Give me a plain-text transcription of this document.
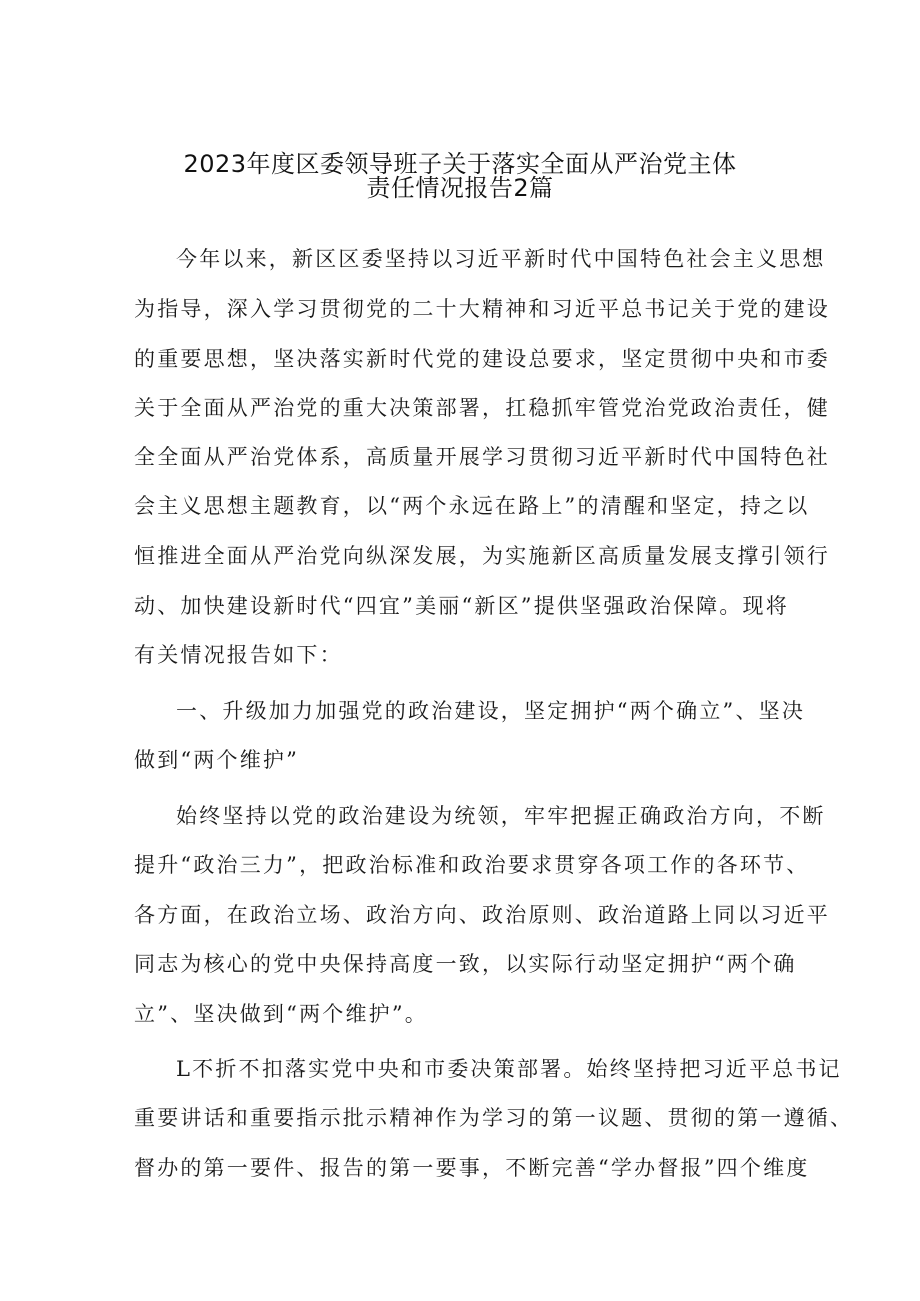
2023年度区委领导班子关于落实全面从严治党主体
责任情况报告2篇
今年以来，新区区委坚持以习近平新时代中国特色社会主义思想
为指导，深入学习贯彻党的二十大精神和习近平总书记关于党的建设
的重要思想，坚决落实新时代党的建设总要求，坚定贯彻中央和市委
关于全面从严治党的重大决策部署，扛稳抓牢管党治党政治责任，健
全全面从严治党体系，高质量开展学习贯彻习近平新时代中国特色社
会主义思想主题教育，以“两个永远在路上”的清醒和坚定，持之以
恒推进全面从严治党向纵深发展，为实施新区高质量发展支撑引领行
动、加快建设新时代“四宜”美丽“新区”提供坚强政治保障。现将
有关情况报告如下：
一、升级加力加强党的政治建设，坚定拥护“两个确立”、坚决
做到“两个维护”
始终坚持以党的政治建设为统领，牢牢把握正确政治方向，不断
提升“政治三力”，把政治标准和政治要求贯穿各项工作的各环节、
各方面，在政治立场、政治方向、政治原则、政治道路上同以习近平
同志为核心的党中央保持高度一致，以实际行动坚定拥护“两个确
立”、坚决做到“两个维护”。
L不折不扣落实党中央和市委决策部署。始终坚持把习近平总书记
重要讲话和重要指示批示精神作为学习的第一议题、贯彻的第一遵循、
督办的第一要件、报告的第一要事，不断完善“学办督报”四个维度
